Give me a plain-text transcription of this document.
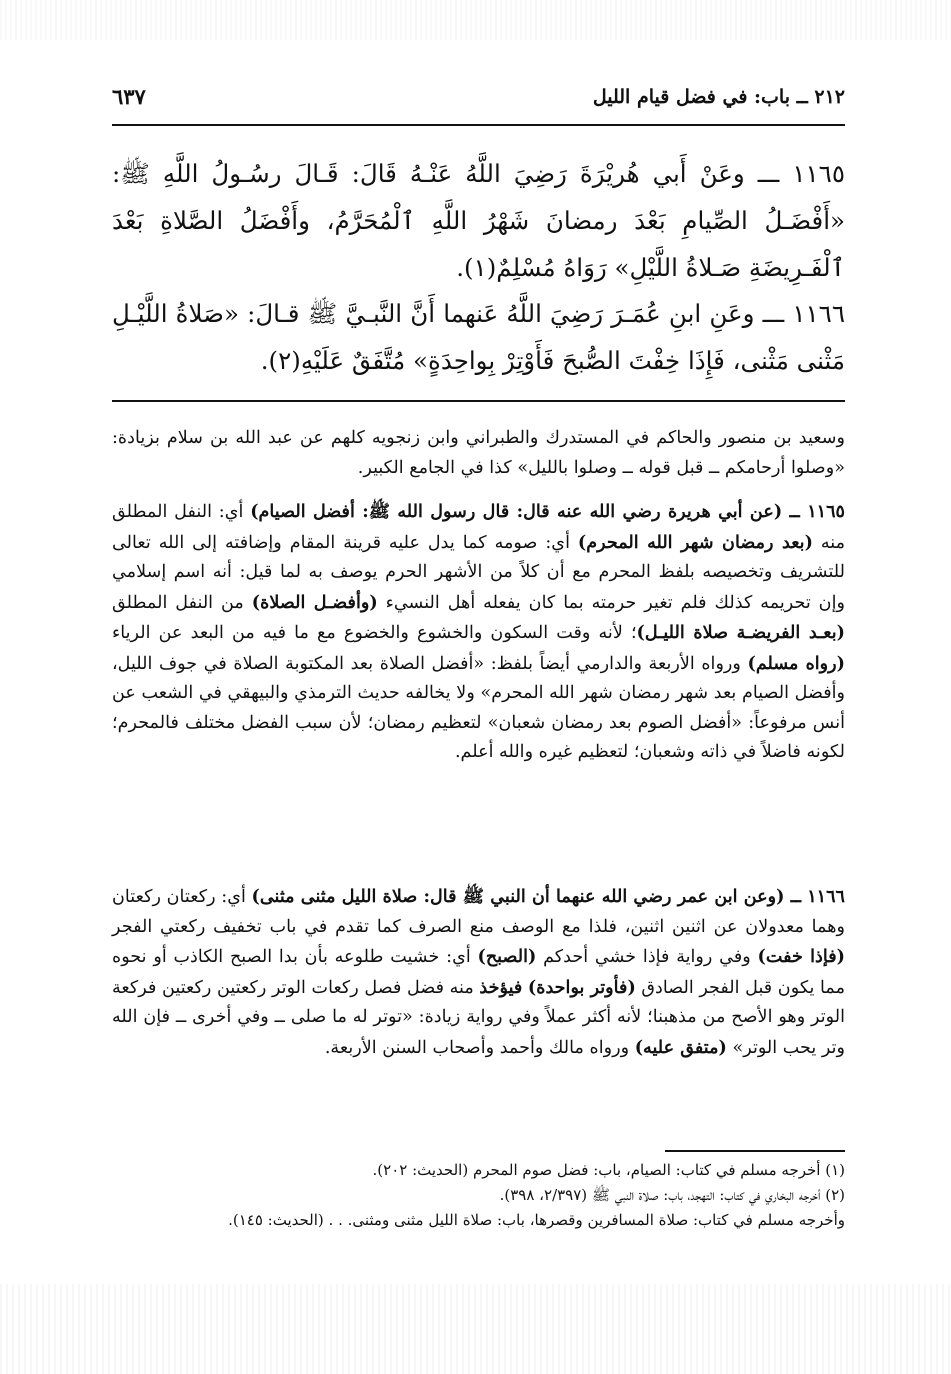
٢١٢ ــ باب: في فضل قيام الليل
٦٣٧
١١٦٥ ـــ وعَنْ أَبي هُريْرَةَ رَضِيَ اللَّهُ عَنْـهُ قَالَ: قَـالَ رسُـولُ اللَّهِ ﷺ: «أَفْضَـلُ الصِّيامِ بَعْدَ رمضانَ شَهْرُ اللَّهِ ٱلْمُحَرَّمُ، وأَفْضَلُ الصَّلاةِ بَعْدَ ٱلْفَـرِيضَةِ صَـلاةُ اللَّيْلِ» رَوَاهُ مُسْلِمٌ(١).
١١٦٦ ـــ وعَنِ ابنِ عُمَـرَ رَضِيَ اللَّهُ عَنهما أَنَّ النَّبـيَّ ﷺ قـالَ: «صَلاةُ اللَّيْـلِ مَثْنى مَثْنى، فَإِذَا خِفْتَ الصُّبحَ فَأَوْتِرْ بِواحِدَةٍ» مُتَّفَقٌ عَلَيْهِ(٢).
وسعيد بن منصور والحاكم في المستدرك والطبراني وابن زنجويه كلهم عن عبد الله بن سلام بزيادة: «وصلوا أرحامكم ــ قبل قوله ــ وصلوا بالليل» كذا في الجامع الكبير.
١١٦٥ ــ (عن أبي هريرة رضي الله عنه قال: قال رسول الله ﷺ: أفضل الصيام) أي: النفل المطلق منه (بعد رمضان شهر الله المحرم) أي: صومه كما يدل عليه قرينة المقام وإضافته إلى الله تعالى للتشريف وتخصيصه بلفظ المحرم مع أن كلاً من الأشهر الحرم يوصف به لما قيل: أنه اسم إسلامي وإن تحريمه كذلك فلم تغير حرمته بما كان يفعله أهل النسيء (وأفضـل الصلاة) من النفل المطلق (بعـد الفريضـة صلاة الليـل)؛ لأنه وقت السكون والخشوع والخضوع مع ما فيه من البعد عن الرياء (رواه مسلم) ورواه الأربعة والدارمي أيضاً بلفظ: «أفضل الصلاة بعد المكتوبة الصلاة في جوف الليل، وأفضل الصيام بعد شهر رمضان شهر الله المحرم» ولا يخالفه حديث الترمذي والبيهقي في الشعب عن أنس مرفوعاً: «أفضل الصوم بعد رمضان شعبان» لتعظيم رمضان؛ لأن سبب الفضل مختلف فالمحرم؛ لكونه فاضلاً في ذاته وشعبان؛ لتعظيم غيره والله أعلم.
١١٦٦ ــ (وعن ابن عمر رضي الله عنهما أن النبي ﷺ قال: صلاة الليل مثنى مثنى) أي: ركعتان ركعتان وهما معدولان عن اثنين اثنين، فلذا مع الوصف منع الصرف كما تقدم في باب تخفيف ركعتي الفجر (فإذا خفت) وفي رواية فإذا خشي أحدكم (الصبح) أي: خشيت طلوعه بأن بدا الصبح الكاذب أو نحوه مما يكون قبل الفجر الصادق (فأوتر بواحدة) فيؤخذ منه فضل فصل ركعات الوتر ركعتين ركعتين فركعة الوتر وهو الأصح من مذهبنا؛ لأنه أكثر عملاً وفي رواية زيادة: «توتر له ما صلى ــ وفي أخرى ــ فإن الله وتر يحب الوتر» (متفق عليه) ورواه مالك وأحمد وأصحاب السنن الأربعة.
(١) أخرجه مسلم في كتاب: الصيام، باب: فضل صوم المحرم (الحديث: ٢٠٢).
(٢) أخرجه البخاري في كتاب: التهجد، باب: صلاة النبي ﷺ (٢/٣٩٧، ٣٩٨).
وأخرجه مسلم في كتاب: صلاة المسافرين وقصرها، باب: صلاة الليل مثنى ومثنى. . . (الحديث: ١٤٥).
